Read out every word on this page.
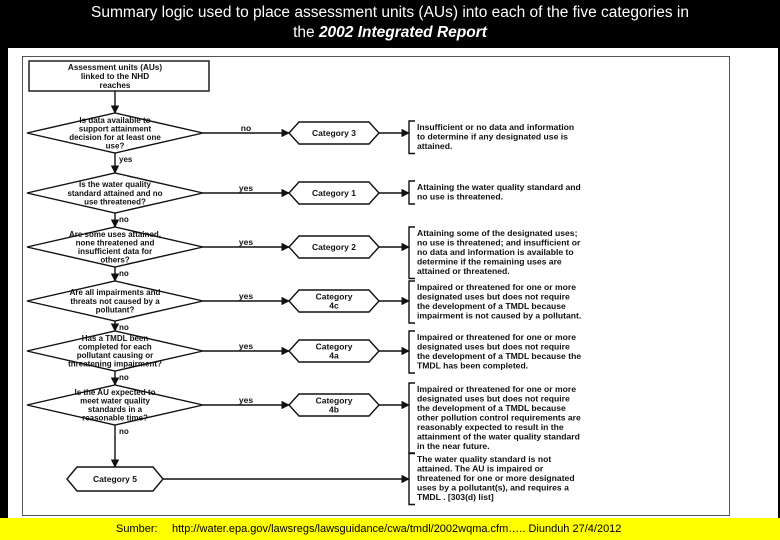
Summary logic used to place assessment units (AUs) into each of the five categories in
the 2002 Integrated Report
Assessment units (AUs)
linked to the NHD
reaches
Is data available to
support attainment
decision for at least one
use?
no	Category 3
Insufficient or no data and information
to determine if any designated use is
attained.
yes
Is the water quality
standard attained and no
use threatened?
yes	Category 1
Attaining the water quality standard and
no use is threatened.
no
Are some uses attained,
none threatened and
insufficient data for
others?
yes	Category 2
Attaining some of the designated uses;
no use is threatened; and insufficient or
no data and information is available to
determine if the remaining uses are
attained or threatened.
no
Are all impairments and
threats not caused by a
pollutant?
yes	Category
4c
Impaired or threatened for one or more
designated uses but does not require
the development of a TMDL because
impairment is not caused by a pollutant.
no
Has a TMDL been
completed for each
pollutant causing or
threatening impairment?
yes	Category
4a
Impaired or threatened for one or more
designated uses but does not require
the development of a TMDL because the
TMDL has been completed.
no
Is the AU expected to
meet water quality
standards in a
reasonable time?
yes	Category
4b
Impaired or threatened for one or more
designated uses but does not require
the development of a TMDL because
other pollution control requirements are
reasonably expected to result in the
attainment of the water quality standard
in the near future.
no
Category 5
The water quality standard is not
attained. The AU is impaired or
threatened for one or more designated
uses by a pollutant(s), and requires a
TMDL . [303(d) list]
Sumber: http://water.epa.gov/lawsregs/lawsguidance/cwa/tmdl/2002wqma.cfm….. Diunduh 27/4/2012
